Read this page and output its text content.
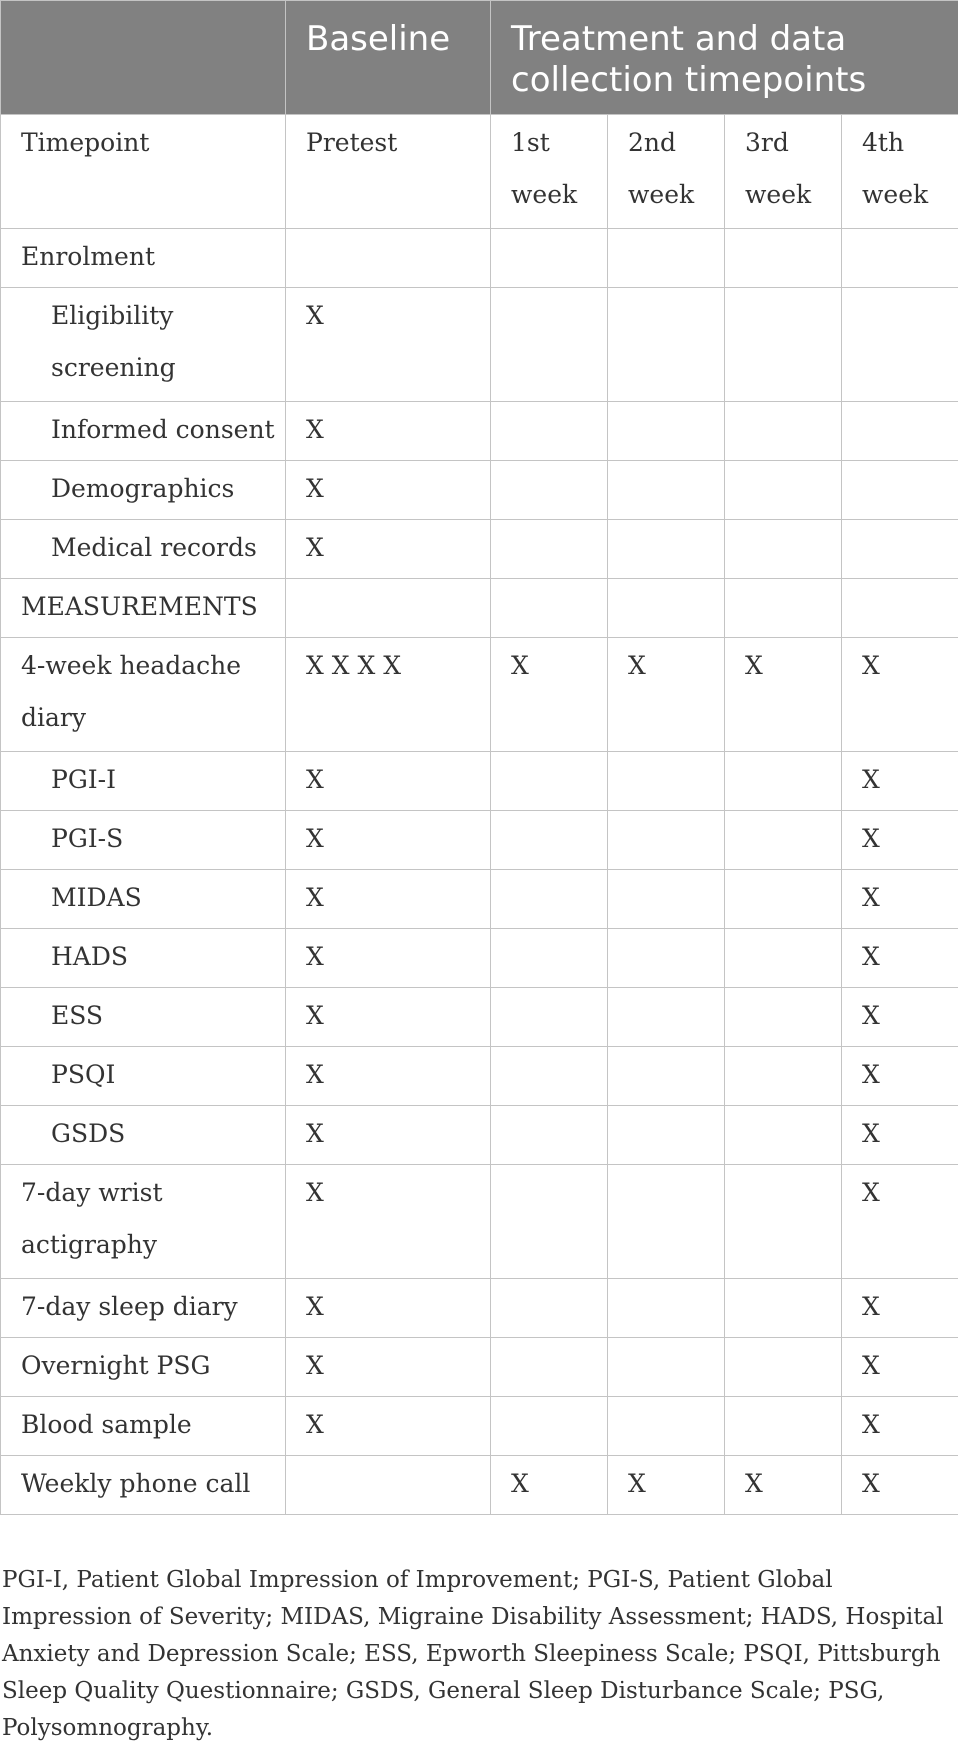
	Baseline	Treatment and data collection timepoints			
Timepoint	Pretest	1st week	2nd week	3rd week	4th week
Enrolment					
Eligibility screening	X				
Informed consent	X				
Demographics	X				
Medical records	X				
MEASUREMENTS					
4-week headache diary	X X X X	X	X	X	X
PGI-I	X				X
PGI-S	X				X
MIDAS	X				X
HADS	X				X
ESS	X				X
PSQI	X				X
GSDS	X				X
7-day wrist actigraphy	X				X
7-day sleep diary	X				X
Overnight PSG	X				X
Blood sample	X				X
Weekly phone call		X	X	X	X
PGI-I, Patient Global Impression of Improvement; PGI-S, Patient Global Impression of Severity; MIDAS, Migraine Disability Assessment; HADS, Hospital Anxiety and Depression Scale; ESS, Epworth Sleepiness Scale; PSQI, Pittsburgh Sleep Quality Questionnaire; GSDS, General Sleep Disturbance Scale; PSG, Polysomnography.
